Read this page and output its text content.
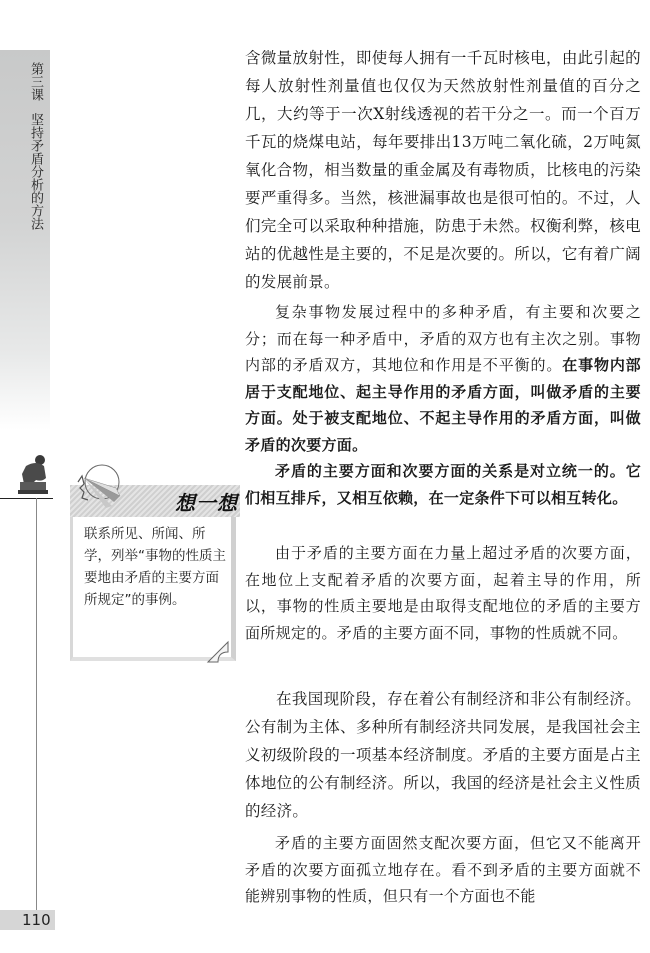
第三课坚持矛盾分析的方法
想一想
联系所见、所闻、所学，列举“事物的性质主要地由矛盾的主要方面所规定”的事例。
110

含微量放射性，即使每人拥有一千瓦时核电，由此引起的每人放射性剂量值也仅仅为天然放射性剂量值的百分之几，大约等于一次X射线透视的若干分之一。而一个百万千瓦的烧煤电站，每年要排出13万吨二氧化硫，2万吨氮氧化合物，相当数量的重金属及有毒物质，比核电的污染要严重得多。当然，核泄漏事故也是很可怕的。不过，人们完全可以采取种种措施，防患于未然。权衡利弊，核电站的优越性是主要的，不足是次要的。所以，它有着广阔的发展前景。

复杂事物发展过程中的多种矛盾，有主要和次要之分；而在每一种矛盾中，矛盾的双方也有主次之别。事物内部的矛盾双方，其地位和作用是不平衡的。在事物内部居于支配地位、起主导作用的矛盾方面，叫做矛盾的主要方面。处于被支配地位、不起主导作用的矛盾方面，叫做矛盾的次要方面。

矛盾的主要方面和次要方面的关系是对立统一的。它们相互排斥，又相互依赖，在一定条件下可以相互转化。

由于矛盾的主要方面在力量上超过矛盾的次要方面，在地位上支配着矛盾的次要方面，起着主导的作用，所以，事物的性质主要地是由取得支配地位的矛盾的主要方面所规定的。矛盾的主要方面不同，事物的性质就不同。

在我国现阶段，存在着公有制经济和非公有制经济。公有制为主体、多种所有制经济共同发展，是我国社会主义初级阶段的一项基本经济制度。矛盾的主要方面是占主体地位的公有制经济。所以，我国的经济是社会主义性质的经济。

矛盾的主要方面固然支配次要方面，但它又不能离开矛盾的次要方面孤立地存在。看不到矛盾的主要方面就不能辨别事物的性质，但只有一个方面也不能
